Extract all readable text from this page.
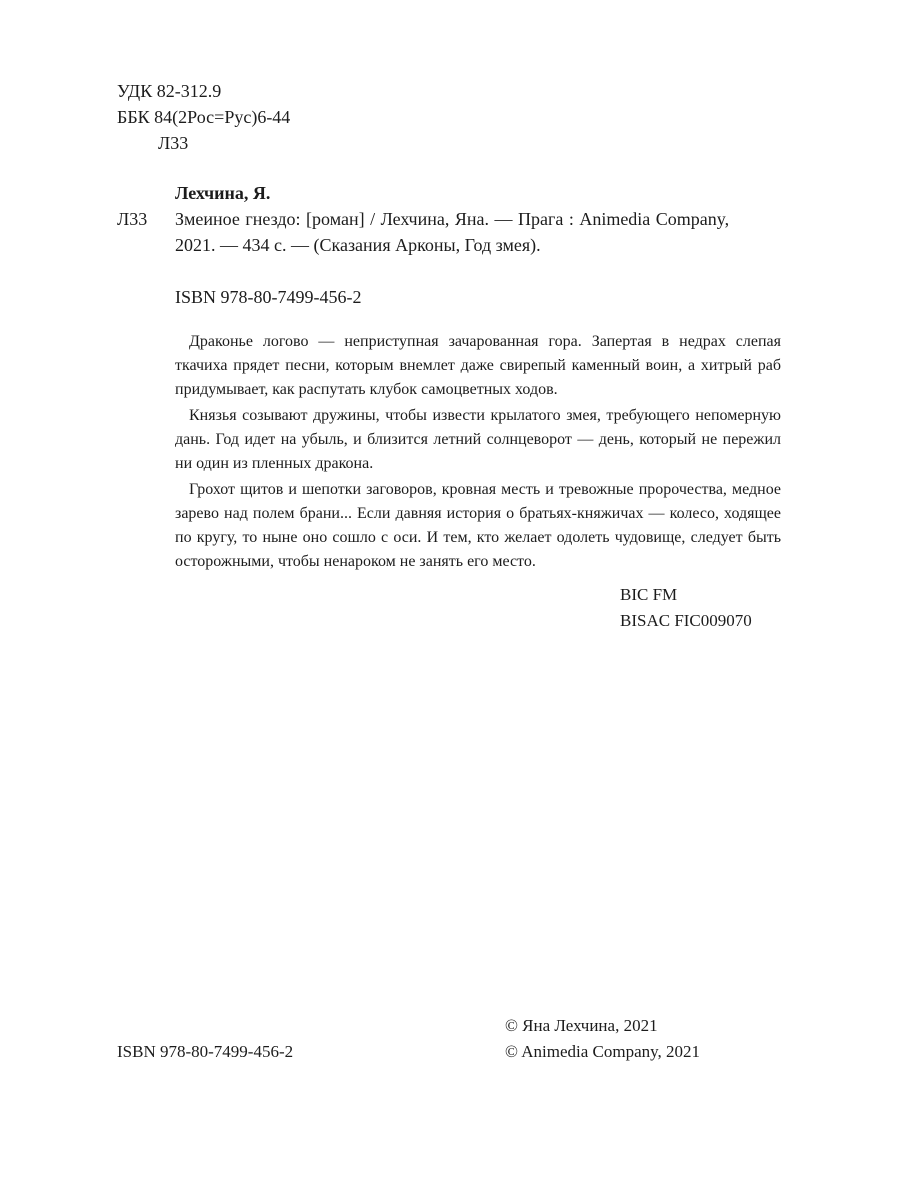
УДК 82-312.9
ББК 84(2Рос=Рус)6-44
Л33
Лехчина, Я.
Л33 Змеиное гнездо: [роман] / Лехчина, Яна. — Прага : Animedia Company,
2021. — 434 с. — (Сказания Арконы, Год змея).
ISBN 978-80-7499-456-2

Драконье логово — неприступная зачарованная гора. Запертая в недрах слепая ткачиха прядет песни, которым внемлет даже свирепый каменный воин, а хитрый раб придумывает, как распутать клубок самоцветных ходов.

Князья созывают дружины, чтобы извести крылатого змея, требующего непомерную дань. Год идет на убыль, и близится летний солнцеворот — день, который не пережил ни один из пленных дракона.

Грохот щитов и шепотки заговоров, кровная месть и тревожные пророчества, медное зарево над полем брани... Если давняя история о братьях-княжичах — колесо, ходящее по кругу, то ныне оно сошло с оси. И тем, кто желает одолеть чудовище, следует быть осторожными, чтобы ненароком не занять его место.

BIC FM
BISAC FIC009070
© Яна Лехчина, 2021
ISBN 978-80-7499-456-2	© Animedia Company, 2021
